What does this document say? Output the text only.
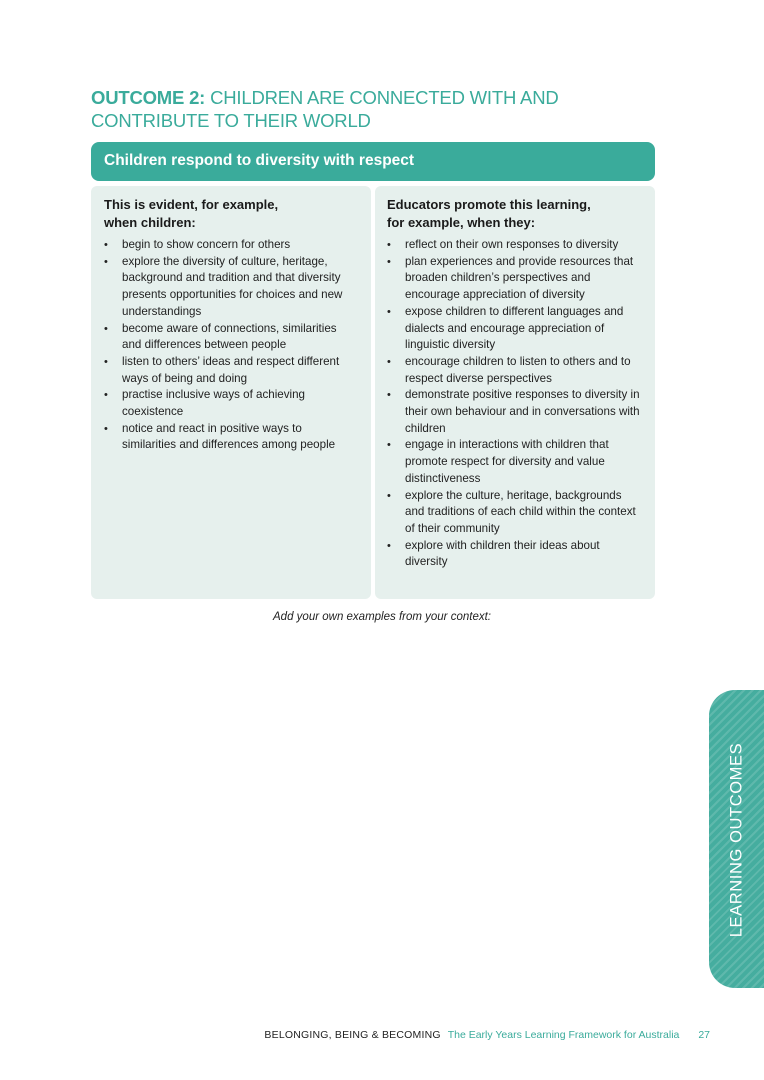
OUTCOME 2: CHILDREN ARE CONNECTED WITH AND CONTRIBUTE TO THEIR WORLD
Children respond to diversity with respect
This is evident, for example,
when children:
• begin to show concern for others
• explore the diversity of culture, heritage, background and tradition and that diversity presents opportunities for choices and new understandings
• become aware of connections, similarities and differences between people
• listen to others’ ideas and respect different ways of being and doing
• practise inclusive ways of achieving coexistence
• notice and react in positive ways to similarities and differences among people
Educators promote this learning,
for example, when they:
• reflect on their own responses to diversity
• plan experiences and provide resources that broaden children’s perspectives and encourage appreciation of diversity
• expose children to different languages and dialects and encourage appreciation of linguistic diversity
• encourage children to listen to others and to respect diverse perspectives
• demonstrate positive responses to diversity in their own behaviour and in conversations with children
• engage in interactions with children that promote respect for diversity and value distinctiveness
• explore the culture, heritage, backgrounds and traditions of each child within the context of their community
• explore with children their ideas about diversity
Add your own examples from your context:
LEARNING OUTCOMES
BELONGING, BEING & BECOMING The Early Years Learning Framework for Australia 27
